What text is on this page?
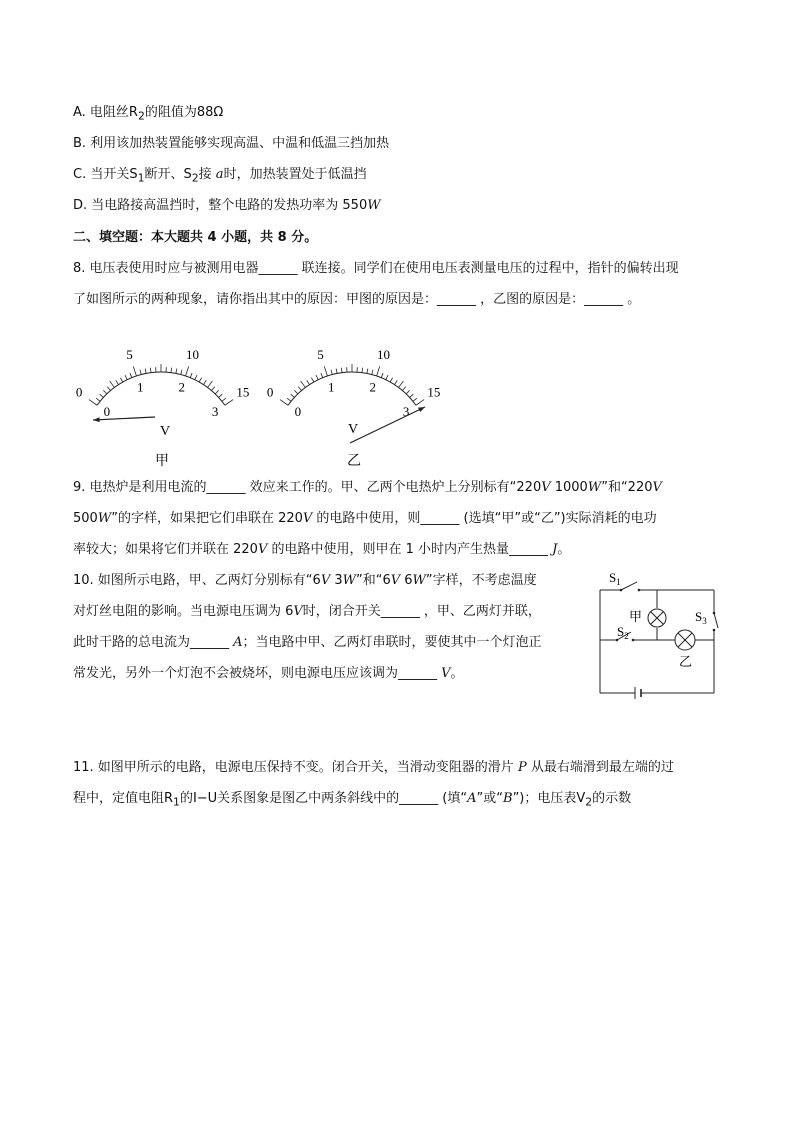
A. 电阻丝$R_2$的阻值为88Ω
B. 利用该加热装置能够实现高温、中温和低温三挡加热
C. 当开关$S_1$断开、$S_2$接 a时，加热装置处于低温挡
D. 当电路接高温挡时，整个电路的发热功率为 550W
二、填空题：本大题共 4 小题，共 8 分。
8. 电压表使用时应与被测用电器______ 联连接。同学们在使用电压表测量电压的过程中，指针的偏转出现
了如图所示的两种现象，请你指出其中的原因：甲图的原因是：______ ，乙图的原因是：______ 。
0
0
5
1
10
2	15
3
V
甲
0
0
5
1
10
2	15
3
V
乙
9. 电热炉是利用电流的______ 效应来工作的。甲、乙两个电热炉上分别标有“220V 1000W”和“220V
500W”的字样，如果把它们串联在 220V 的电路中使用，则______ (选填“甲”或“乙”)实际消耗的电功
率较大；如果将它们并联在 220V 的电路中使用，则甲在 1 小时内产生热量______ J。
10. 如图所示电路，甲、乙两灯分别标有“6V 3W”和“6V 6W”字样，不考虑温度
对灯丝电阻的影响。当电源电压调为 6V时，闭合开关______ ，甲、乙两灯并联，
此时干路的总电流为______ A；当电路中甲、乙两灯串联时，要使其中一个灯泡正
常发光，另外一个灯泡不会被烧坏，则电源电压应该调为______ V。
$S_1$
$S_2$
$S_3$
甲
乙
11. 如图甲所示的电路，电源电压保持不变。闭合开关，当滑动变阻器的滑片 P 从最右端滑到最左端的过
程中，定值电阻$R_1$的I−U关系图象是图乙中两条斜线中的______ (填“A”或“B”)；电压表$V_2$的示数
